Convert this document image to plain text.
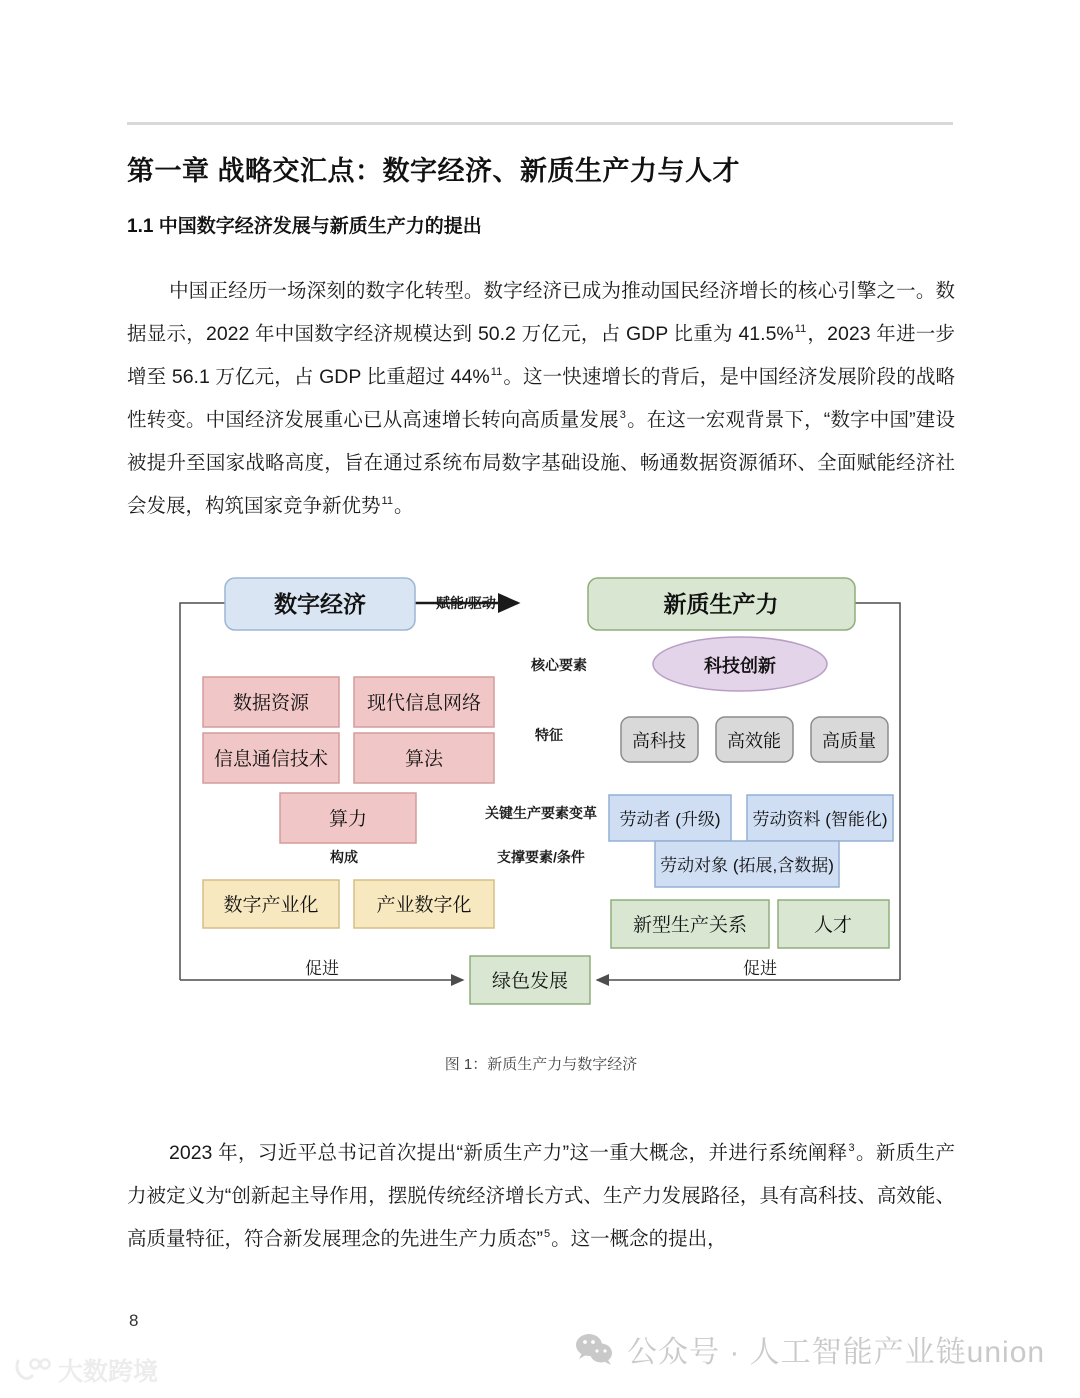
第一章 战略交汇点：数字经济、新质生产力与人才
1.1 中国数字经济发展与新质生产力的提出

中国正经历一场深刻的数字化转型。数字经济已成为推动国民经济增长的核心引擎之一。数据显示，2022 年中国数字经济规模达到 50.2 万亿元，占 GDP 比重为 41.5%$^{11}$，2023 年进一步增至 56.1 万亿元，占 GDP 比重超过 44%$^{11}$。这一快速增长的背后，是中国经济发展阶段的战略性转变。中国经济发展重心已从高速增长转向高质量发展$^3$。在这一宏观背景下，“数字中国”建设被提升至国家战略高度，旨在通过系统布局数字基础设施、畅通数据资源循环、全面赋能经济社会发展，构筑国家竞争新优势$^{11}$。

数字经济	新质生产力
赋能/驱动
科技创新
核心要素
特征
关键生产要素变革
支撑要素/条件
构成
数据资源	现代信息网络
信息通信技术	算法
算力
数字产业化	产业数字化
高科技 高效能 高质量
劳动者 (升级) 劳动资料 (智能化)
劳动对象 (拓展,含数据)
新型生产关系	人才
促进	促进
绿色发展
图 1：新质生产力与数字经济

2023 年，习近平总书记首次提出“新质生产力”这一重大概念，并进行系统阐释$^3$。新质生产力被定义为“创新起主导作用，摆脱传统经济增长方式、生产力发展路径，具有高科技、高效能、高质量特征，符合新发展理念的先进生产力质态”$^5$。这一概念的提出，

8
公众号 · 人工智能产业链union
大数跨境
